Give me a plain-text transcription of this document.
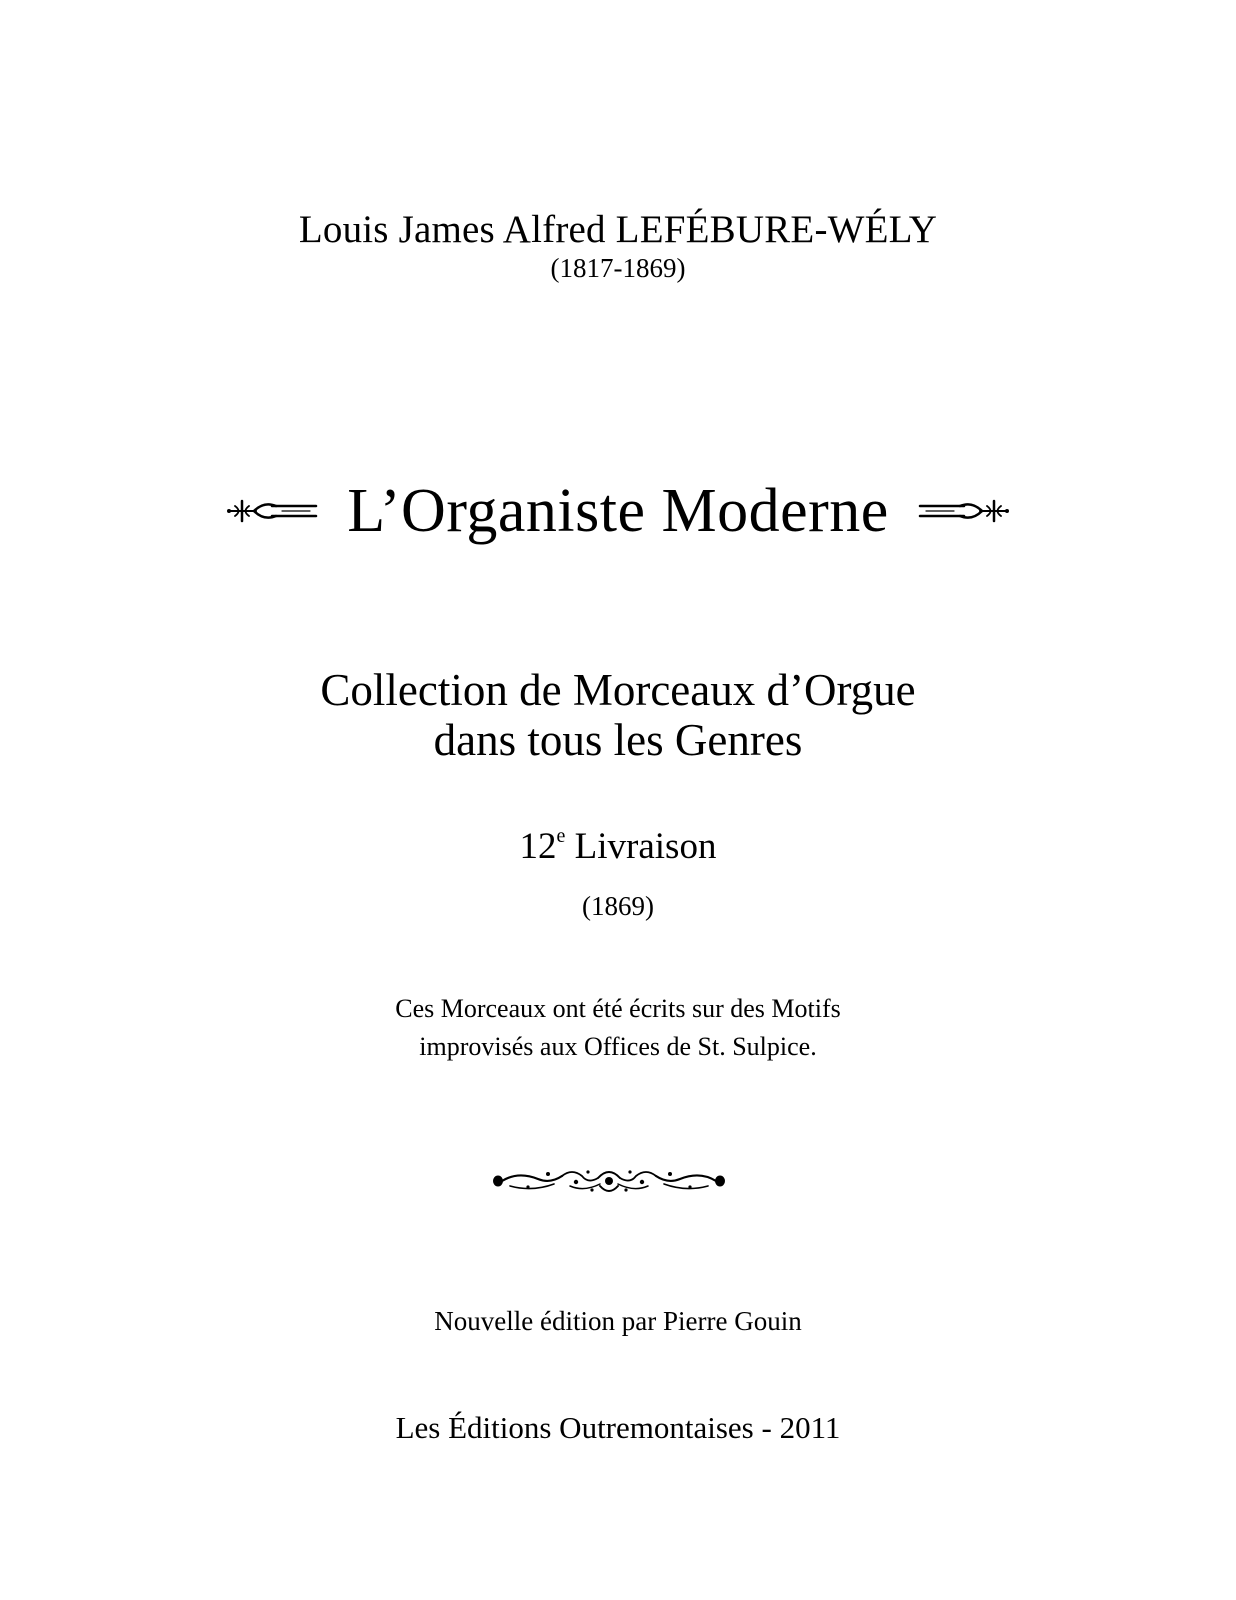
Louis James Alfred LEFÉBURE-WÉLY
(1817-1869)
L’Organiste Moderne
Collection de Morceaux d’Orgue
dans tous les Genres
12e Livraison
(1869)
Ces Morceaux ont été écrits sur des Motifs
improvisés aux Offices de St. Sulpice.
Nouvelle édition par Pierre Gouin
Les Éditions Outremontaises - 2011
